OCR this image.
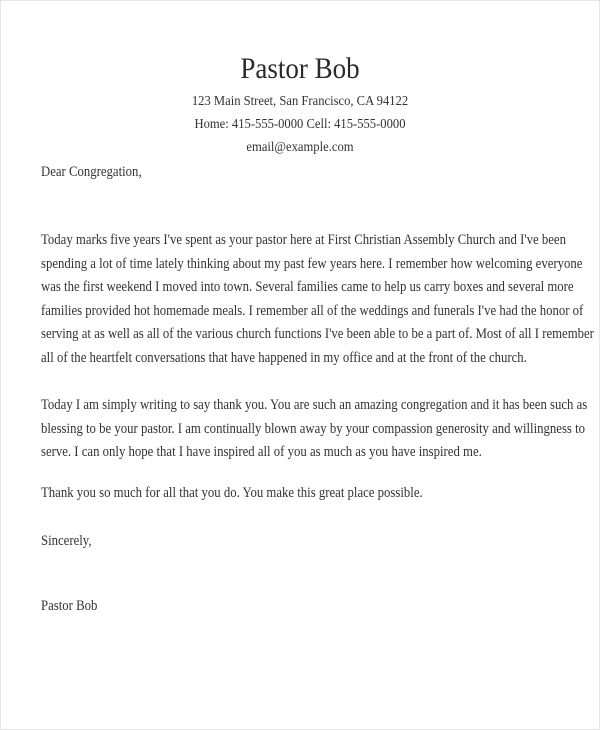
Pastor Bob
123 Main Street, San Francisco, CA 94122
Home: 415-555-0000 Cell: 415-555-0000
email@example.com
Dear Congregation,
Today marks five years I've spent as your pastor here at First Christian Assembly Church and I've been
spending a lot of time lately thinking about my past few years here. I remember how welcoming everyone
was the first weekend I moved into town. Several families came to help us carry boxes and several more
families provided hot homemade meals. I remember all of the weddings and funerals I've had the honor of
serving at as well as all of the various church functions I've been able to be a part of. Most of all I remember
all of the heartfelt conversations that have happened in my office and at the front of the church.
Today I am simply writing to say thank you. You are such an amazing congregation and it has been such as
blessing to be your pastor. I am continually blown away by your compassion generosity and willingness to
serve. I can only hope that I have inspired all of you as much as you have inspired me.
Thank you so much for all that you do. You make this great place possible.
Sincerely,
Pastor Bob
